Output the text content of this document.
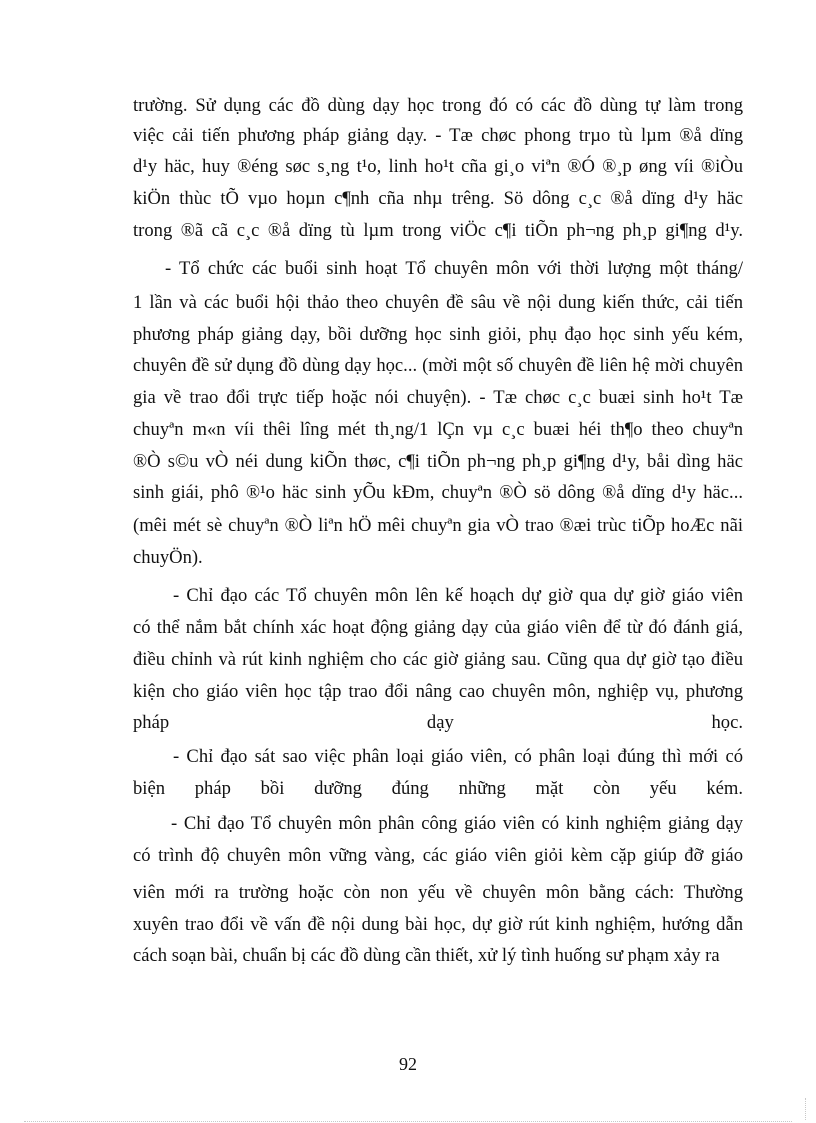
trường. Sử dụng các đồ dùng dạy học trong đó có các đồ dùng tự làm trong
việc cải tiến phương pháp giảng dạy. - Tæ chøc phong trµo tù lµm ®å dïng
d¹y häc, huy ®éng søc s¸ng t¹o, linh ho¹t cña gi¸o viªn ®Ó ®¸p øng víi ®iÒu
kiÖn thùc tÕ vµo hoµn c¶nh cña nhµ trêng. Sö dông c¸c ®å dïng d¹y häc
trong ®ã cã c¸c ®å dïng tù lµm trong viÖc c¶i tiÕn ph¬ng ph¸p gi¶ng d¹y.
- Tổ chức các buổi sinh hoạt Tổ chuyên môn với thời lượng một tháng/
1 lần và các buổi hội thảo theo chuyên đề sâu về nội dung kiến thức, cải tiến
phương pháp giảng dạy, bồi dưỡng học sinh giỏi, phụ đạo học sinh yếu kém,
chuyên đề sử dụng đồ dùng dạy học... (mời một số chuyên đề liên hệ mời chuyên
gia về trao đổi trực tiếp hoặc nói chuyện). - Tæ chøc c¸c buæi sinh ho¹t Tæ
chuyªn m«n víi thêi lîng mét th¸ng/1 lÇn vµ c¸c buæi héi th¶o theo chuyªn
®Ò s©u vÒ néi dung kiÕn thøc, c¶i tiÕn ph¬ng ph¸p gi¶ng d¹y, båi dìng häc
sinh giái, phô ®¹o häc sinh yÕu kÐm, chuyªn ®Ò sö dông ®å dïng d¹y häc...
(mêi mét sè chuyªn ®Ò liªn hÖ mêi chuyªn gia vÒ trao ®æi trùc tiÕp hoÆc nãi
chuyÖn).
- Chỉ đạo các Tổ chuyên môn lên kế hoạch dự giờ qua dự giờ giáo viên
có thể nắm bắt chính xác hoạt động giảng dạy của giáo viên để từ đó đánh giá,
điều chỉnh và rút kinh nghiệm cho các giờ giảng sau. Cũng qua dự giờ tạo điều
kiện cho giáo viên học tập trao đổi nâng cao chuyên môn, nghiệp vụ, phương
pháp dạy học.
- Chỉ đạo sát sao việc phân loại giáo viên, có phân loại đúng thì mới có
biện pháp bồi dưỡng đúng những mặt còn yếu kém.
- Chỉ đạo Tổ chuyên môn phân công giáo viên có kinh nghiệm giảng dạy
có trình độ chuyên môn vững vàng, các giáo viên giỏi kèm cặp giúp đỡ giáo
viên mới ra trường hoặc còn non yếu về chuyên môn bằng cách: Thường
xuyên trao đổi về vấn đề nội dung bài học, dự giờ rút kinh nghiệm, hướng dẫn
cách soạn bài, chuẩn bị các đồ dùng cần thiết, xử lý tình huống sư phạm xảy ra
92
